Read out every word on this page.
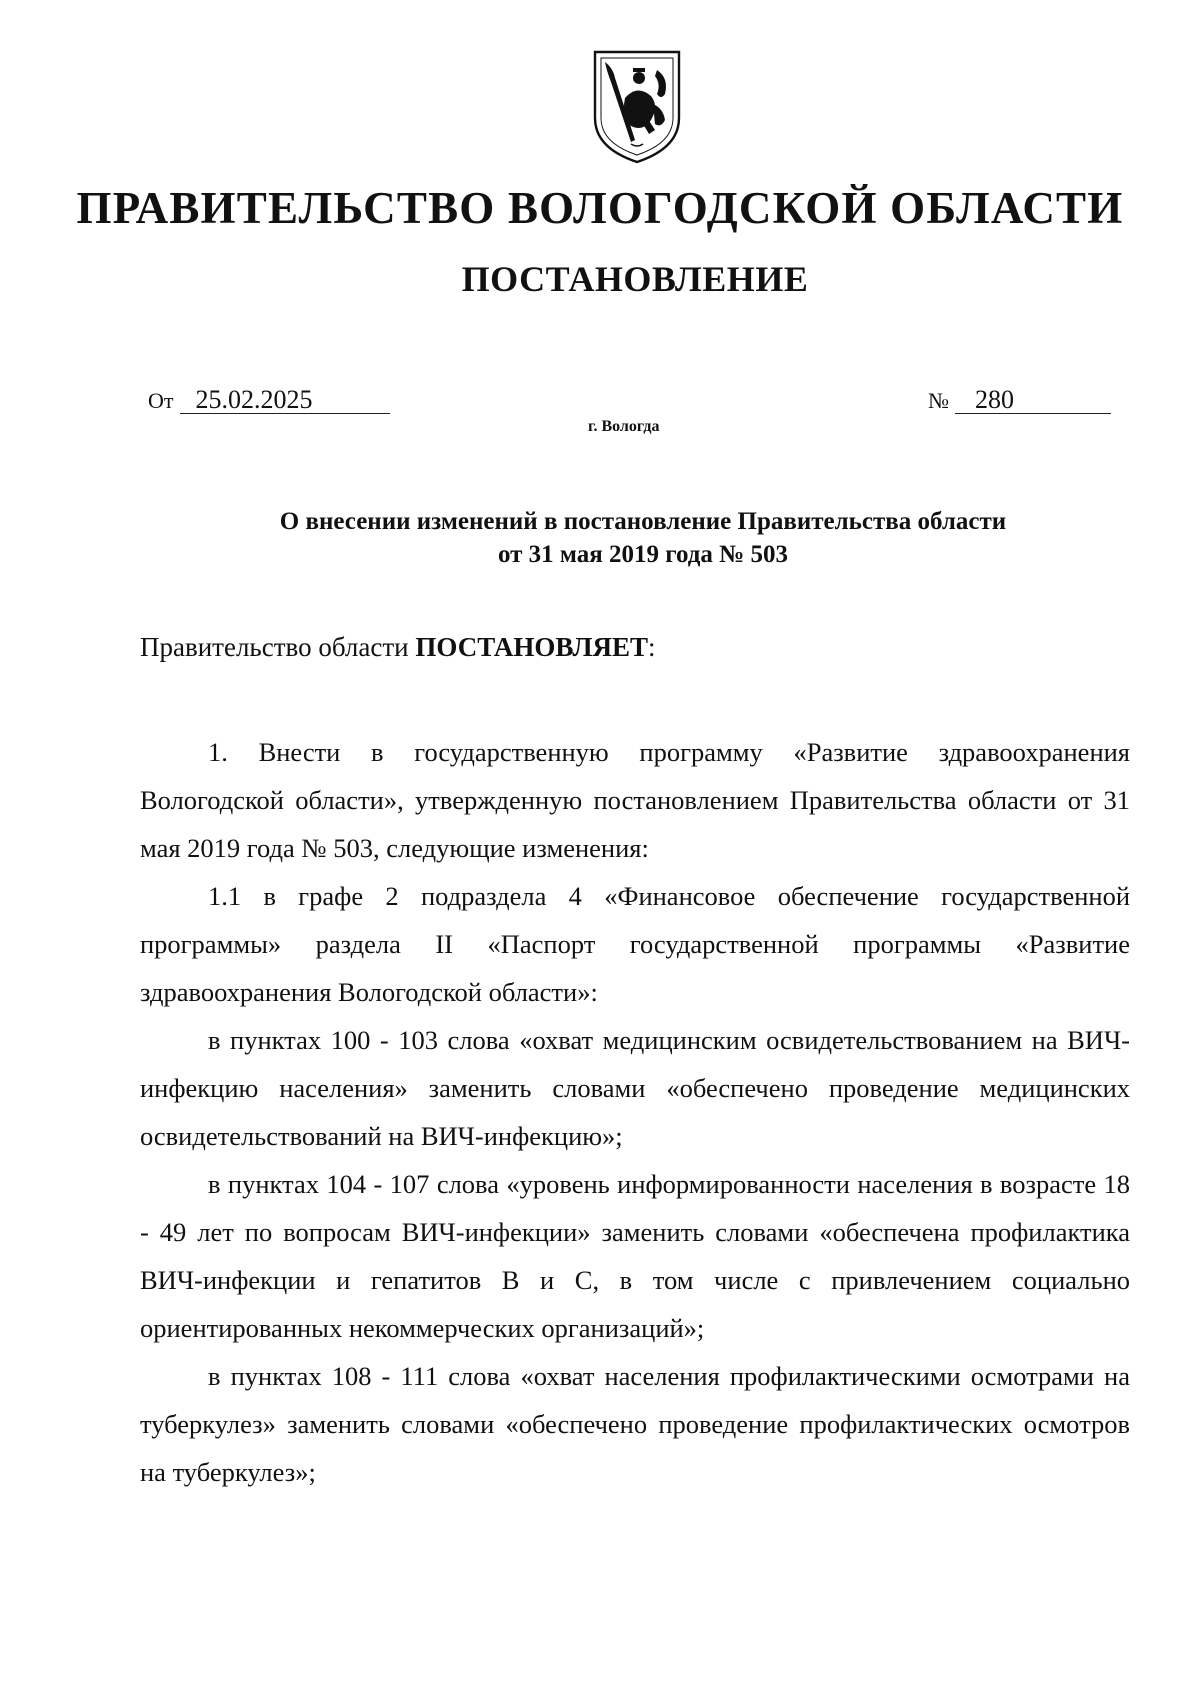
ПРАВИТЕЛЬСТВО ВОЛОГОДСКОЙ ОБЛАСТИ
ПОСТАНОВЛЕНИЕ
От 25.02.2025	№ 280
г. Вологда
О внесении изменений в постановление Правительства области
от 31 мая 2019 года № 503
Правительство области ПОСТАНОВЛЯЕТ:

1. Внести в государственную программу «Развитие здравоохранения Вологодской области», утвержденную постановлением Правительства области от 31 мая 2019 года № 503, следующие изменения:

1.1 в графе 2 подраздела 4 «Финансовое обеспечение государственной программы» раздела II «Паспорт государственной программы «Развитие здравоохранения Вологодской области»:

в пунктах 100 - 103 слова «охват медицинским освидетельствованием на ВИЧ-инфекцию населения» заменить словами «обеспечено проведение медицинских освидетельствований на ВИЧ-инфекцию»;

в пунктах 104 - 107 слова «уровень информированности населения в возрасте 18 - 49 лет по вопросам ВИЧ-инфекции» заменить словами «обеспечена профилактика ВИЧ-инфекции и гепатитов В и С, в том числе с привлечением социально ориентированных некоммерческих организаций»;

в пунктах 108 - 111 слова «охват населения профилактическими осмотрами на туберкулез» заменить словами «обеспечено проведение профилактических осмотров на туберкулез»;
